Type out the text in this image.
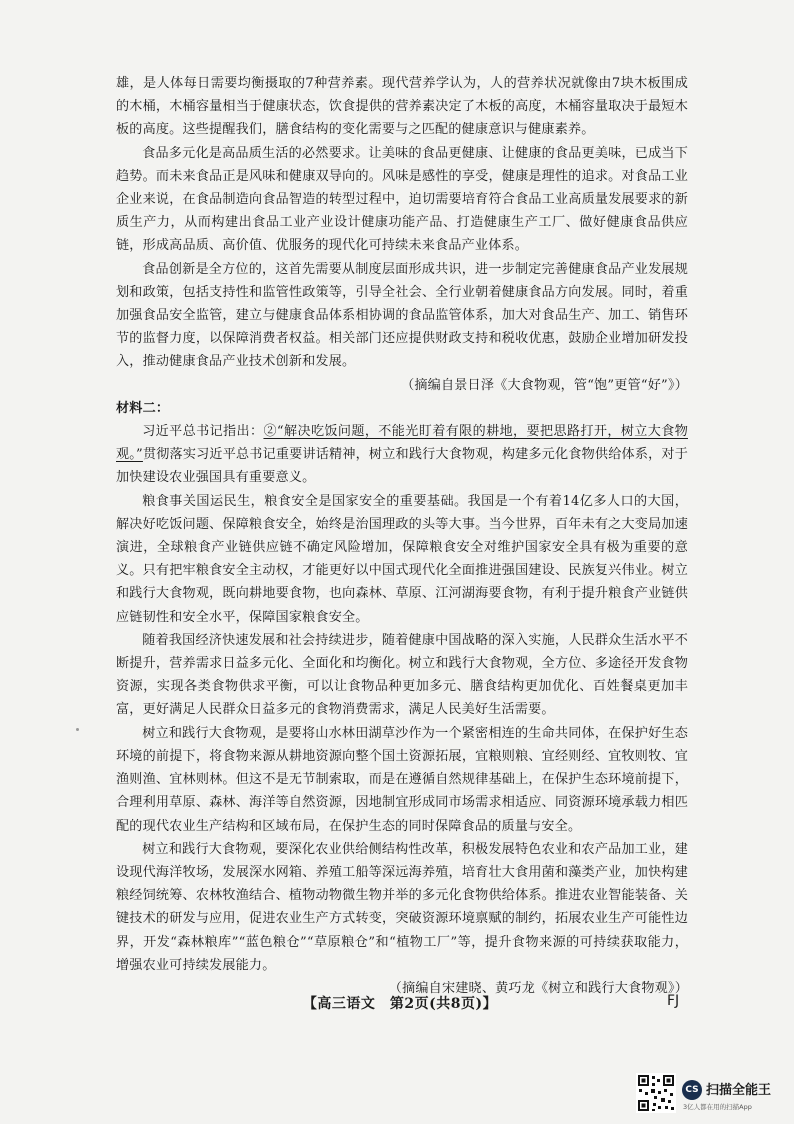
雄，是人体每日需要均衡摄取的7种营养素。现代营养学认为，人的营养状况就像由7块木板围成的木桶，木桶容量相当于健康状态，饮食提供的营养素决定了木板的高度，木桶容量取决于最短木板的高度。这些提醒我们，膳食结构的变化需要与之匹配的健康意识与健康素养。

食品多元化是高品质生活的必然要求。让美味的食品更健康、让健康的食品更美味，已成当下趋势。而未来食品正是风味和健康双导向的。风味是感性的享受，健康是理性的追求。对食品工业企业来说，在食品制造向食品智造的转型过程中，迫切需要培育符合食品工业高质量发展要求的新质生产力，从而构建出食品工业产业设计健康功能产品、打造健康生产工厂、做好健康食品供应链，形成高品质、高价值、优服务的现代化可持续未来食品产业体系。

食品创新是全方位的，这首先需要从制度层面形成共识，进一步制定完善健康食品产业发展规划和政策，包括支持性和监管性政策等，引导全社会、全行业朝着健康食品方向发展。同时，着重加强食品安全监管，建立与健康食品体系相协调的食品监管体系，加大对食品生产、加工、销售环节的监督力度，以保障消费者权益。相关部门还应提供财政支持和税收优惠，鼓励企业增加研发投入，推动健康食品产业技术创新和发展。

（摘编自景日泽《大食物观，管“饱”更管“好”》）

材料二：

习近平总书记指出：②“解决吃饭问题，不能光盯着有限的耕地，要把思路打开，树立大食物观。”贯彻落实习近平总书记重要讲话精神，树立和践行大食物观，构建多元化食物供给体系，对于加快建设农业强国具有重要意义。

粮食事关国运民生，粮食安全是国家安全的重要基础。我国是一个有着14亿多人口的大国，解决好吃饭问题、保障粮食安全，始终是治国理政的头等大事。当今世界，百年未有之大变局加速演进，全球粮食产业链供应链不确定风险增加，保障粮食安全对维护国家安全具有极为重要的意义。只有把牢粮食安全主动权，才能更好以中国式现代化全面推进强国建设、民族复兴伟业。树立和践行大食物观，既向耕地要食物，也向森林、草原、江河湖海要食物，有利于提升粮食产业链供应链韧性和安全水平，保障国家粮食安全。

随着我国经济快速发展和社会持续进步，随着健康中国战略的深入实施，人民群众生活水平不断提升，营养需求日益多元化、全面化和均衡化。树立和践行大食物观，全方位、多途径开发食物资源，实现各类食物供求平衡，可以让食物品种更加多元、膳食结构更加优化、百姓餐桌更加丰富，更好满足人民群众日益多元的食物消费需求，满足人民美好生活需要。

树立和践行大食物观，是要将山水林田湖草沙作为一个紧密相连的生命共同体，在保护好生态环境的前提下，将食物来源从耕地资源向整个国土资源拓展，宜粮则粮、宜经则经、宜牧则牧、宜渔则渔、宜林则林。但这不是无节制索取，而是在遵循自然规律基础上，在保护生态环境前提下，合理利用草原、森林、海洋等自然资源，因地制宜形成同市场需求相适应、同资源环境承载力相匹配的现代农业生产结构和区域布局，在保护生态的同时保障食品的质量与安全。

树立和践行大食物观，要深化农业供给侧结构性改革，积极发展特色农业和农产品加工业，建设现代海洋牧场，发展深水网箱、养殖工船等深远海养殖，培育壮大食用菌和藻类产业，加快构建粮经饲统筹、农林牧渔结合、植物动物微生物并举的多元化食物供给体系。推进农业智能装备、关键技术的研发与应用，促进农业生产方式转变，突破资源环境禀赋的制约，拓展农业生产可能性边界，开发“森林粮库”“蓝色粮仓”“草原粮仓”和“植物工厂”等，提升食物来源的可持续获取能力，增强农业可持续发展能力。

（摘编自宋建晓、黄巧龙《树立和践行大食物观》）

【高三语文　第2页(共8页)】	FJ
CS 扫描全能王
3亿人都在用的扫描App
